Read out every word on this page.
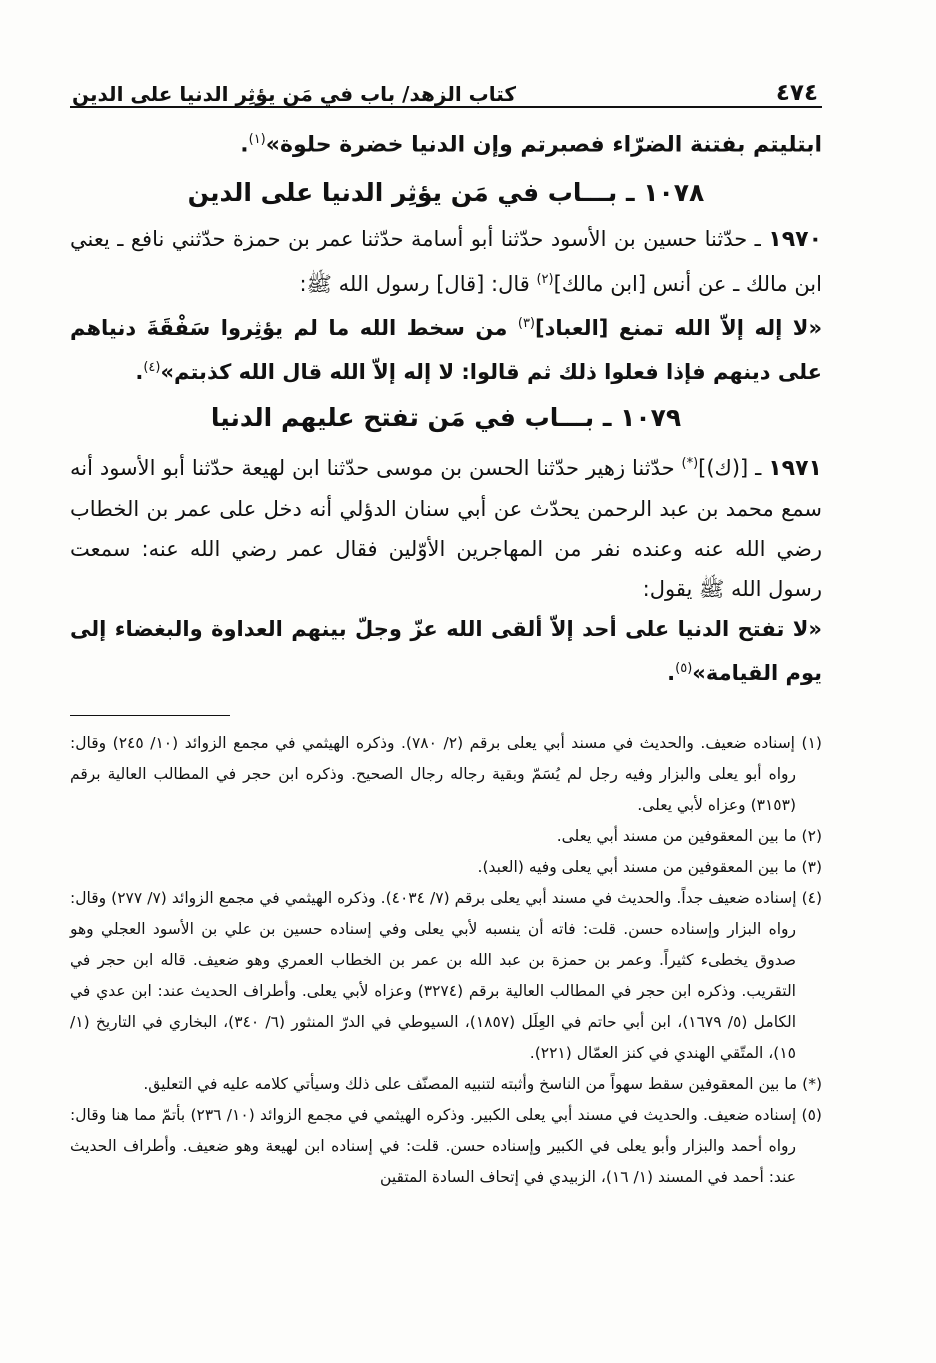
٤٧٤
كتاب الزهد/ باب في مَن يؤثِر الدنيا على الدين

ابتليتم بفتنة الضرّاء فصبرتم وإن الدنيا خضرة حلوة»$^{(١)}$.

١٠٧٨ ـ بـــاب في مَن يؤثِر الدنيا على الدين

١٩٧٠ ـ حدّثنا حسين بن الأسود حدّثنا أبو أسامة حدّثنا عمر بن حمزة حدّثني نافع ـ يعني ابن مالك ـ عن أنس [ابن مالك]$^{(٢)}$ قال: [قال] رسول الله ﷺ:

«لا إله إلاّ الله تمنع [العباد]$^{(٣)}$ من سخط الله ما لم يؤثِروا سَفْقَةَ دنياهم على دينهم فإذا فعلوا ذلك ثم قالوا: لا إله إلاّ الله قال الله كذبتم»$^{(٤)}$.

١٠٧٩ ـ بـــاب في مَن تفتح عليهم الدنيا

١٩٧١ ـ [(ك)](*) حدّثنا زهير حدّثنا الحسن بن موسى حدّثنا ابن لهيعة حدّثنا أبو الأسود أنه سمع محمد بن عبد الرحمن يحدّث عن أبي سنان الدؤلي أنه دخل على عمر بن الخطاب رضي الله عنه وعنده نفر من المهاجرين الأوّلين فقال عمر رضي الله عنه: سمعت رسول الله ﷺ يقول:

«لا تفتح الدنيا على أحد إلاّ ألقى الله عزّ وجلّ بينهم العداوة والبغضاء إلى يوم القيامة»$^{(٥)}$.

(١) إسناده ضعيف. والحديث في مسند أبي يعلى برقم (٢/ ٧٨٠). وذكره الهيثمي في مجمع الزوائد (١٠/ ٢٤٥) وقال: رواه أبو يعلى والبزار وفيه رجل لم يُسَمّ وبقية رجاله رجال الصحيح. وذكره ابن حجر في المطالب العالية برقم (٣١٥٣) وعزاه لأبي يعلى.

(٢) ما بين المعقوفين من مسند أبي يعلى.

(٣) ما بين المعقوفين من مسند أبي يعلى وفيه (العبد).

(٤) إسناده ضعيف جداً. والحديث في مسند أبي يعلى برقم (٧/ ٤٠٣٤). وذكره الهيثمي في مجمع الزوائد (٧/ ٢٧٧) وقال: رواه البزار وإسناده حسن. قلت: فاته أن ينسبه لأبي يعلى وفي إسناده حسين بن علي بن الأسود العجلي وهو صدوق يخطىء كثيراً. وعمر بن حمزة بن عبد الله بن عمر بن الخطاب العمري وهو ضعيف. قاله ابن حجر في التقريب. وذكره ابن حجر في المطالب العالية برقم (٣٢٧٤) وعزاه لأبي يعلى. وأطراف الحديث عند: ابن عدي في الكامل (٥/ ١٦٧٩)، ابن أبي حاتم في العِلَل (١٨٥٧)، السيوطي في الدرّ المنثور (٦/ ٣٤٠)، البخاري في التاريخ (١/ ١٥)، المتّقي الهندي في كنز العمّال (٢٢١).

(*) ما بين المعقوفين سقط سهواً من الناسخ وأثبته لتنبيه المصنّف على ذلك وسيأتي كلامه عليه في التعليق.

(٥) إسناده ضعيف. والحديث في مسند أبي يعلى الكبير. وذكره الهيثمي في مجمع الزوائد (١٠/ ٢٣٦) بأتمّ مما هنا وقال: رواه أحمد والبزار وأبو يعلى في الكبير وإسناده حسن. قلت: في إسناده ابن لهيعة وهو ضعيف. وأطراف الحديث عند: أحمد في المسند (١/ ١٦)، الزبيدي في إتحاف السادة المتقين
